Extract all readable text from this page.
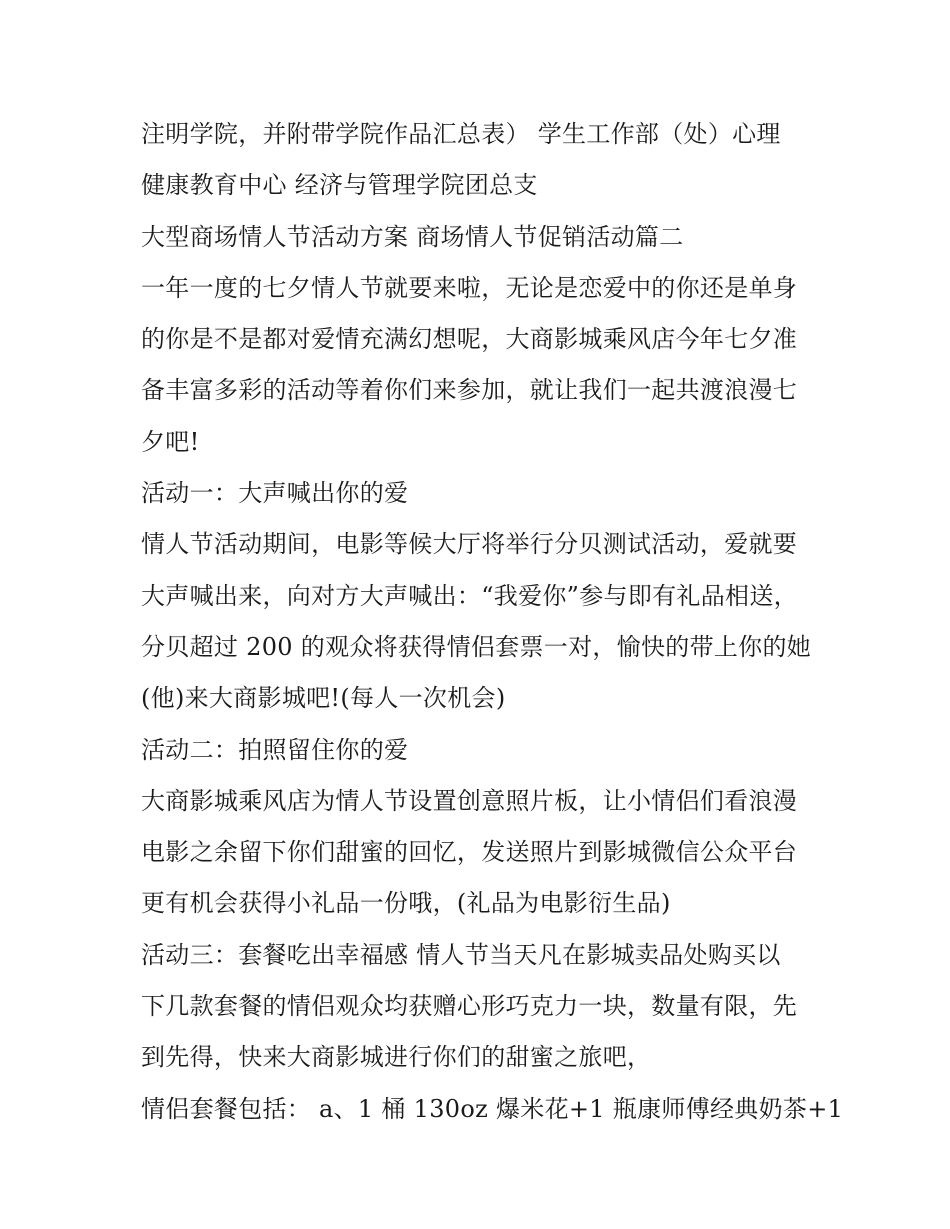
注明学院，并附带学院作品汇总表） 学生工作部（处）心理
健康教育中心 经济与管理学院团总支
大型商场情人节活动方案 商场情人节促销活动篇二
一年一度的七夕情人节就要来啦，无论是恋爱中的你还是单身
的你是不是都对爱情充满幻想呢，大商影城乘风店今年七夕准
备丰富多彩的活动等着你们来参加，就让我们一起共渡浪漫七
夕吧!
活动一：大声喊出你的爱
情人节活动期间，电影等候大厅将举行分贝测试活动，爱就要
大声喊出来，向对方大声喊出：“我爱你”参与即有礼品相送，
分贝超过 200 的观众将获得情侣套票一对，愉快的带上你的她
(他)来大商影城吧!(每人一次机会)
活动二：拍照留住你的爱
大商影城乘风店为情人节设置创意照片板，让小情侣们看浪漫
电影之余留下你们甜蜜的回忆，发送照片到影城微信公众平台
更有机会获得小礼品一份哦，(礼品为电影衍生品)
活动三：套餐吃出幸福感 情人节当天凡在影城卖品处购买以
下几款套餐的情侣观众均获赠心形巧克力一块，数量有限，先
到先得，快来大商影城进行你们的甜蜜之旅吧，
情侣套餐包括： a、1 桶 130oz 爆米花+1 瓶康师傅经典奶茶+1
